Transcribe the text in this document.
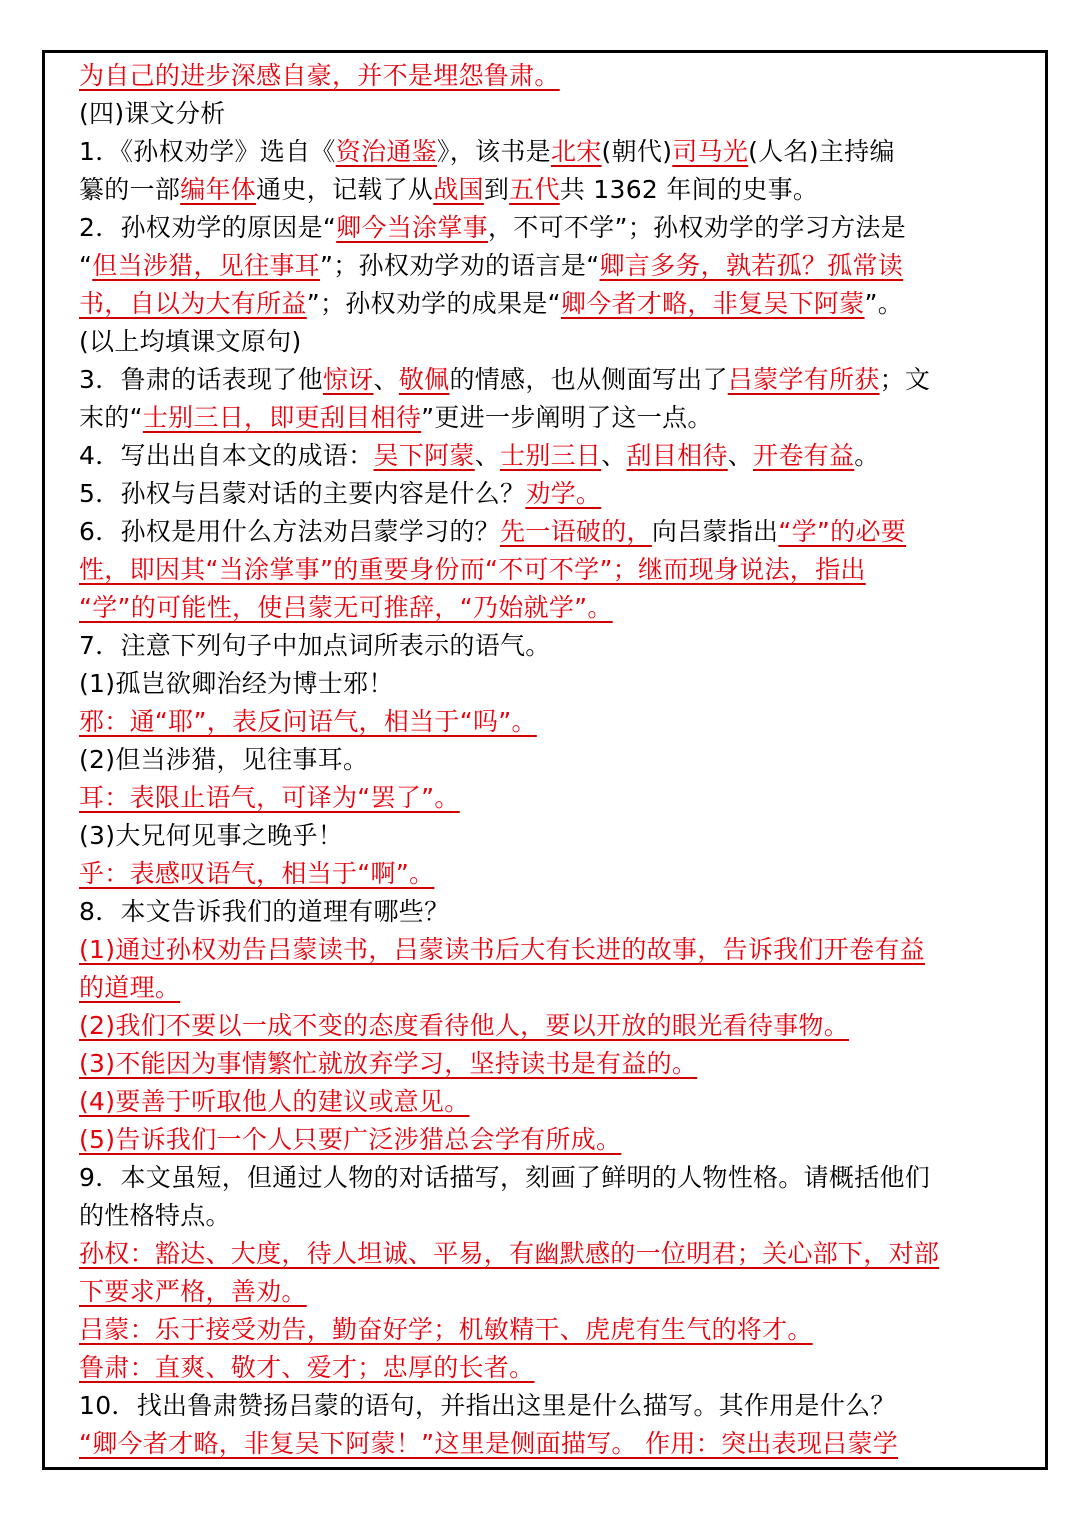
为自己的进步深感自豪，并不是埋怨鲁肃。
(四)课文分析
1．《孙权劝学》选自《资治通鉴》，该书是北宋(朝代)司马光(人名)主持编
纂的一部编年体通史，记载了从战国到五代共 1362 年间的史事。
2．孙权劝学的原因是“卿今当涂掌事，不可不学”；孙权劝学的学习方法是
“但当涉猎，见往事耳”；孙权劝学劝的语言是“卿言多务，孰若孤？孤常读
书，自以为大有所益”；孙权劝学的成果是“卿今者才略，非复吴下阿蒙”。
(以上均填课文原句)
3．鲁肃的话表现了他惊讶、敬佩的情感，也从侧面写出了吕蒙学有所获；文
末的“士别三日，即更刮目相待”更进一步阐明了这一点。
4．写出出自本文的成语：吴下阿蒙、士别三日、刮目相待、开卷有益。
5．孙权与吕蒙对话的主要内容是什么？劝学。
6．孙权是用什么方法劝吕蒙学习的？先一语破的，向吕蒙指出“学”的必要
性，即因其“当涂掌事”的重要身份而“不可不学”；继而现身说法，指出
“学”的可能性，使吕蒙无可推辞，“乃始就学”。
7．注意下列句子中加点词所表示的语气。
(1)孤岂欲卿治经为博士邪！
邪：通“耶”，表反问语气，相当于“吗”。
(2)但当涉猎，见往事耳。
耳：表限止语气，可译为“罢了”。
(3)大兄何见事之晚乎！
乎：表感叹语气，相当于“啊”。
8．本文告诉我们的道理有哪些？
(1)通过孙权劝告吕蒙读书，吕蒙读书后大有长进的故事，告诉我们开卷有益
的道理。
(2)我们不要以一成不变的态度看待他人，要以开放的眼光看待事物。
(3)不能因为事情繁忙就放弃学习，坚持读书是有益的。
(4)要善于听取他人的建议或意见。
(5)告诉我们一个人只要广泛涉猎总会学有所成。
9．本文虽短，但通过人物的对话描写，刻画了鲜明的人物性格。请概括他们
的性格特点。
孙权：豁达、大度，待人坦诚、平易，有幽默感的一位明君；关心部下，对部
下要求严格，善劝。
吕蒙：乐于接受劝告，勤奋好学；机敏精干、虎虎有生气的将才。
鲁肃：直爽、敬才、爱才；忠厚的长者。
10．找出鲁肃赞扬吕蒙的语句，并指出这里是什么描写。其作用是什么？
“卿今者才略，非复吴下阿蒙！”这里是侧面描写。 作用：突出表现吕蒙学
